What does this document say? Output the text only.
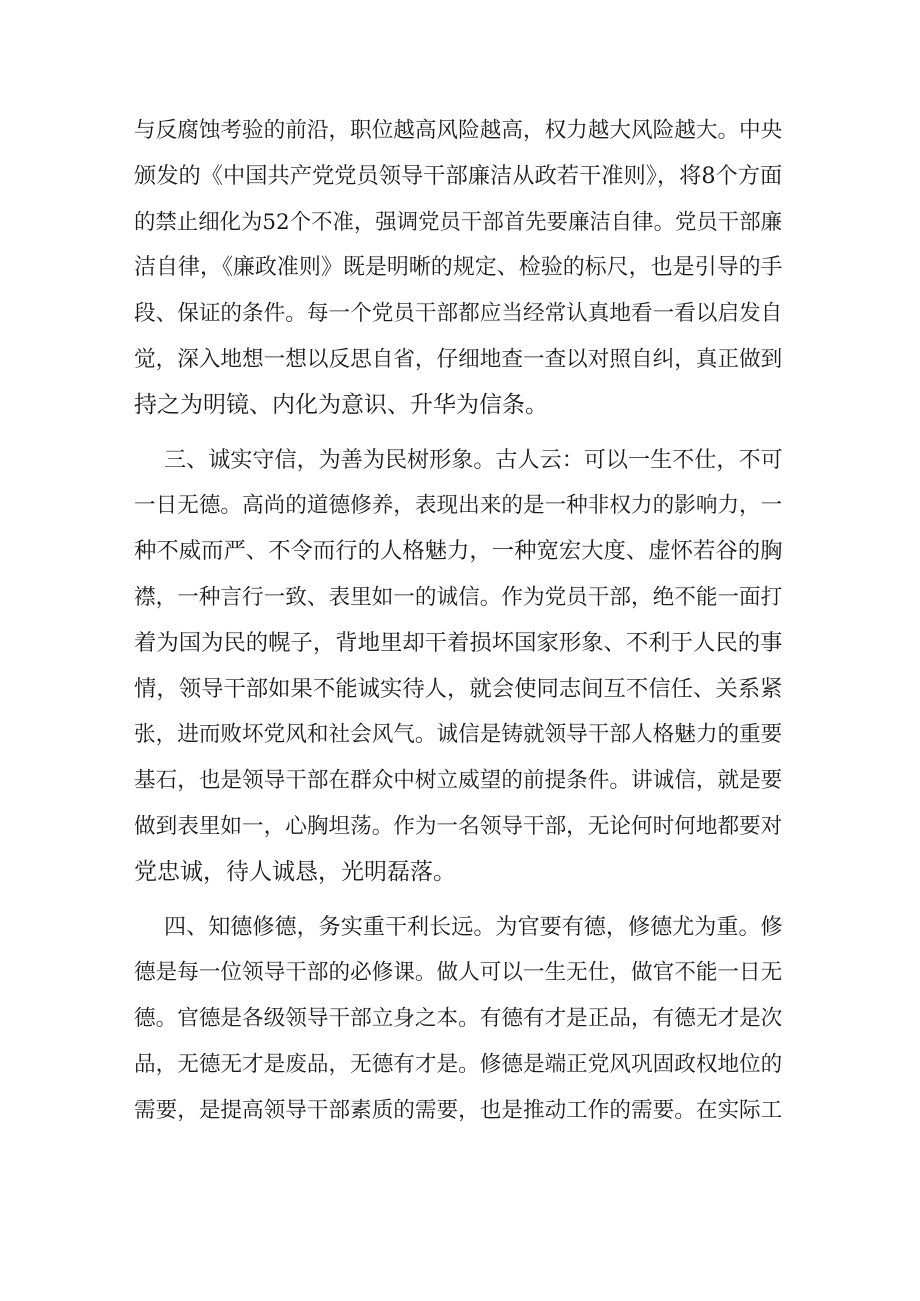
与反腐蚀考验的前沿，职位越高风险越高，权力越大风险越大。中央
颁发的《中国共产党党员领导干部廉洁从政若干准则》，将8个方面
的禁止细化为52个不准，强调党员干部首先要廉洁自律。党员干部廉
洁自律，《廉政准则》既是明晰的规定、检验的标尺，也是引导的手
段、保证的条件。每一个党员干部都应当经常认真地看一看以启发自
觉，深入地想一想以反思自省，仔细地查一查以对照自纠，真正做到
持之为明镜、内化为意识、升华为信条。
三、诚实守信，为善为民树形象。古人云：可以一生不仕，不可
一日无德。高尚的道德修养，表现出来的是一种非权力的影响力，一
种不威而严、不令而行的人格魅力，一种宽宏大度、虚怀若谷的胸
襟，一种言行一致、表里如一的诚信。作为党员干部，绝不能一面打
着为国为民的幌子，背地里却干着损坏国家形象、不利于人民的事
情，领导干部如果不能诚实待人，就会使同志间互不信任、关系紧
张，进而败坏党风和社会风气。诚信是铸就领导干部人格魅力的重要
基石，也是领导干部在群众中树立威望的前提条件。讲诚信，就是要
做到表里如一，心胸坦荡。作为一名领导干部，无论何时何地都要对
党忠诚，待人诚恳，光明磊落。
四、知德修德，务实重干利长远。为官要有德，修德尤为重。修
德是每一位领导干部的必修课。做人可以一生无仕，做官不能一日无
德。官德是各级领导干部立身之本。有德有才是正品，有德无才是次
品，无德无才是废品，无德有才是。修德是端正党风巩固政权地位的
需要，是提高领导干部素质的需要，也是推动工作的需要。在实际工
